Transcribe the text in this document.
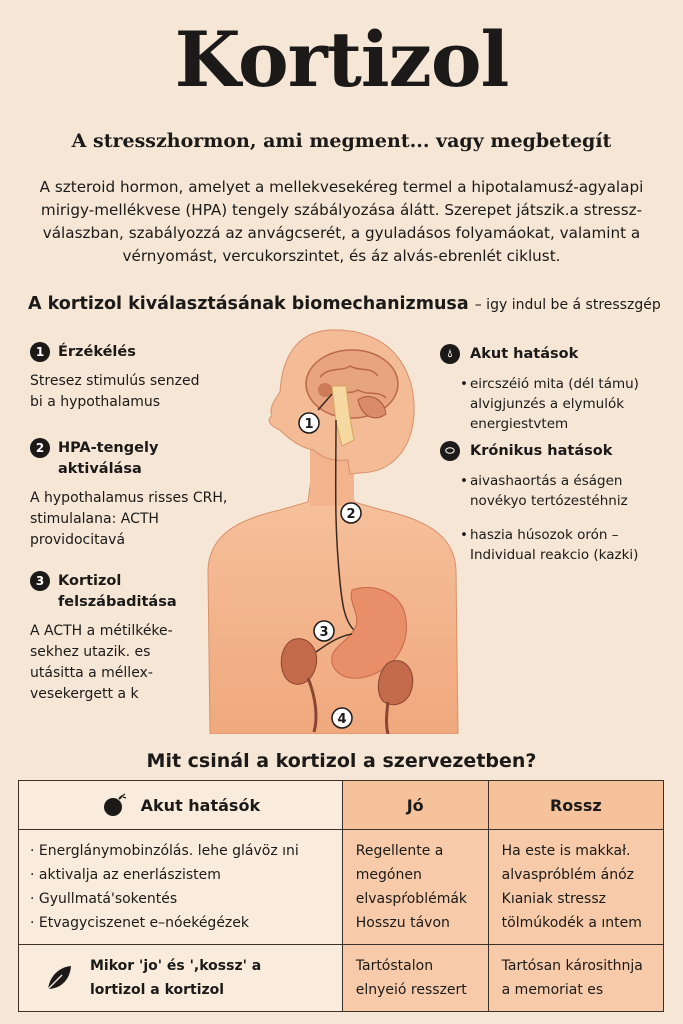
Kortizol
A stresszhormon, ami megment... vagy megbetegít
A szteroid hormon, amelyet a mellekvesekéreg termel a hipotalamusź-agyalapi mirigy-mellékvese (HPA) tengely szábályozása álátt. Szerepet játszik.a stressz-válaszban, szabályozzá az anvágcserét, a gyuladásos folyamáokat, valamint a vérnyomást, vercukorszintet, és áz alvás-ebrenlét ciklust.
A kortizol kiválasztásának biomechanizmusa – igy indul be á stresszgép
1
2
3
4
1 Érzékélés
Stresez stimulús senzed bi a hypothalamus
2 HPA-tengely aktiválása
A hypothalamus risses CRH, stimulalana: ACTH providocitavá
3 Kortizol felszábaditása
A ACTH a métilkéke-sekhez utazik. es utásitta a méllex-vesekergett a k
💧︎	Akut hatások
• eircszéió mita (dél támu) alvigjunzés a elymulók energiestvtem
⬭	Krónikus hatások
• aivashaortás a éságen novékyo tertózestéhniz
• haszia húsozok orón –Individual reakcio (kazki)
Mit csinál a kortizol a szervezetben?
Akut hatásók	Jó	Rossz

· Energlánymobinzólás. lehe glávöz ıni
· aktivalja az enerlászistem
· Gyullmatá'sokentés
· Etvagyciszenet e–nóekégézek	Regellente a megónen elvaspŕoblémák Hosszu távon	Ha este is makkał. alvaspróblém ánóz Kıaniak stressz tölmúkodék a ıntem

Mikor 'jo' és ',kossz' a lortizol a kortizol	Tartóstalon elnyeió resszert	Tartósan károsithnja a memoriat es
